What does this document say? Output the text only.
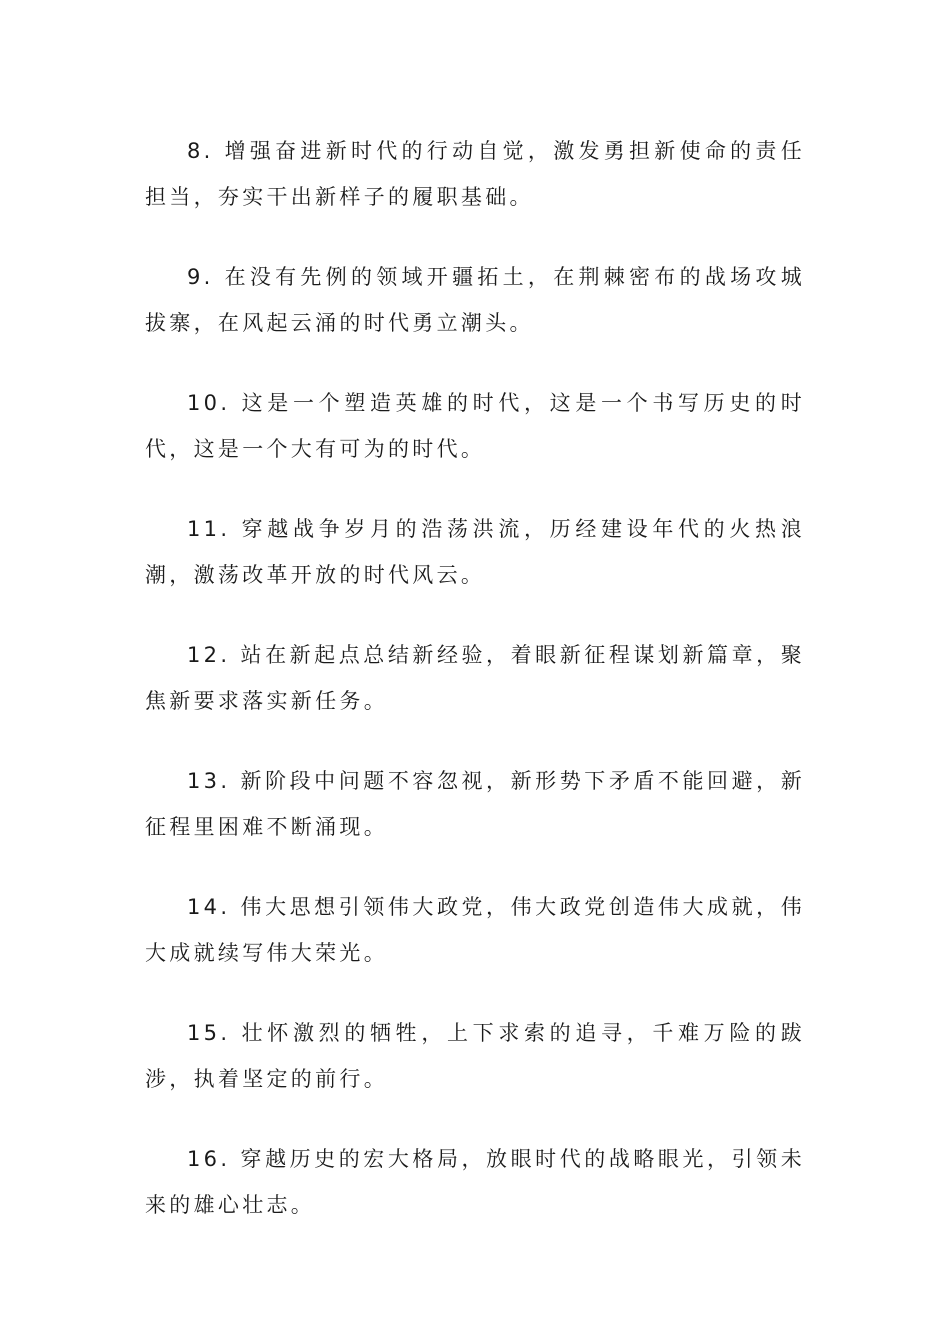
8. 增强奋进新时代的行动自觉，激发勇担新使命的责任担当，夯实干出新样子的履职基础。

9. 在没有先例的领域开疆拓土，在荆棘密布的战场攻城拔寨，在风起云涌的时代勇立潮头。

10. 这是一个塑造英雄的时代，这是一个书写历史的时代，这是一个大有可为的时代。

11. 穿越战争岁月的浩荡洪流，历经建设年代的火热浪潮，激荡改革开放的时代风云。

12. 站在新起点总结新经验，着眼新征程谋划新篇章，聚焦新要求落实新任务。

13. 新阶段中问题不容忽视，新形势下矛盾不能回避，新征程里困难不断涌现。

14. 伟大思想引领伟大政党，伟大政党创造伟大成就，伟大成就续写伟大荣光。

15. 壮怀激烈的牺牲，上下求索的追寻，千难万险的跋涉，执着坚定的前行。

16. 穿越历史的宏大格局，放眼时代的战略眼光，引领未来的雄心壮志。
